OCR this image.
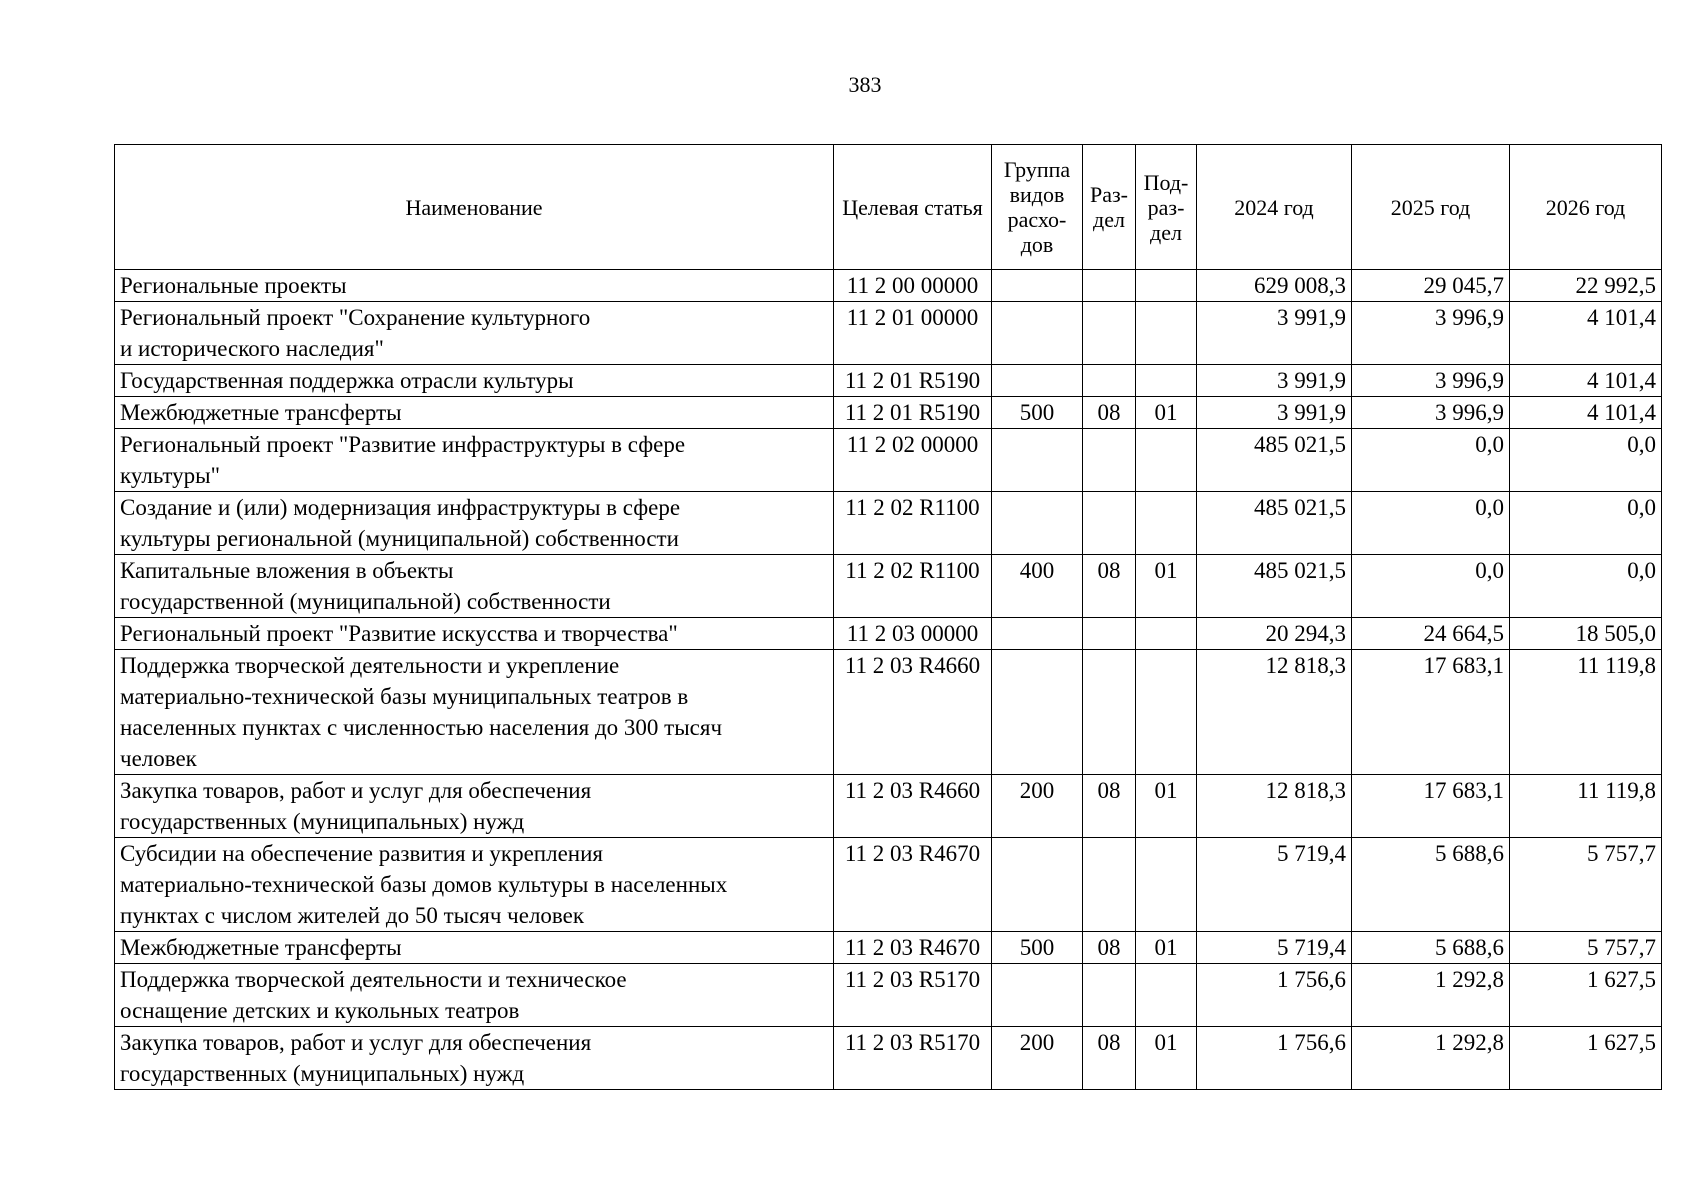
383
Наименование	Целевая статья	Группа видов расхо-дов	Раз-дел	Под-раз-дел	2024 год	2025 год	2026 год
Региональные проекты	11 2 00 00000				629 008,3	29 045,7	22 992,5
Региональный проект "Сохранение культурного
и исторического наследия"	11 2 01 00000				3 991,9	3 996,9	4 101,4
Государственная поддержка отрасли культуры	11 2 01 R5190				3 991,9	3 996,9	4 101,4
Межбюджетные трансферты	11 2 01 R5190	500	08	01	3 991,9	3 996,9	4 101,4
Региональный проект "Развитие инфраструктуры в сфере
культуры"	11 2 02 00000				485 021,5	0,0	0,0
Создание и (или) модернизация инфраструктуры в сфере
культуры региональной (муниципальной) собственности	11 2 02 R1100				485 021,5	0,0	0,0
Капитальные вложения в объекты
государственной (муниципальной) собственности	11 2 02 R1100	400	08	01	485 021,5	0,0	0,0
Региональный проект "Развитие искусства и творчества"	11 2 03 00000				20 294,3	24 664,5	18 505,0
Поддержка творческой деятельности и укрепление
материально-технической базы муниципальных театров в
населенных пунктах с численностью населения до 300 тысяч
человек	11 2 03 R4660				12 818,3	17 683,1	11 119,8
Закупка товаров, работ и услуг для обеспечения
государственных (муниципальных) нужд	11 2 03 R4660	200	08	01	12 818,3	17 683,1	11 119,8
Субсидии на обеспечение развития и укрепления
материально-технической базы домов культуры в населенных
пунктах с числом жителей до 50 тысяч человек	11 2 03 R4670				5 719,4	5 688,6	5 757,7
Межбюджетные трансферты	11 2 03 R4670	500	08	01	5 719,4	5 688,6	5 757,7
Поддержка творческой деятельности и техническое
оснащение детских и кукольных театров	11 2 03 R5170				1 756,6	1 292,8	1 627,5
Закупка товаров, работ и услуг для обеспечения
государственных (муниципальных) нужд	11 2 03 R5170	200	08	01	1 756,6	1 292,8	1 627,5
